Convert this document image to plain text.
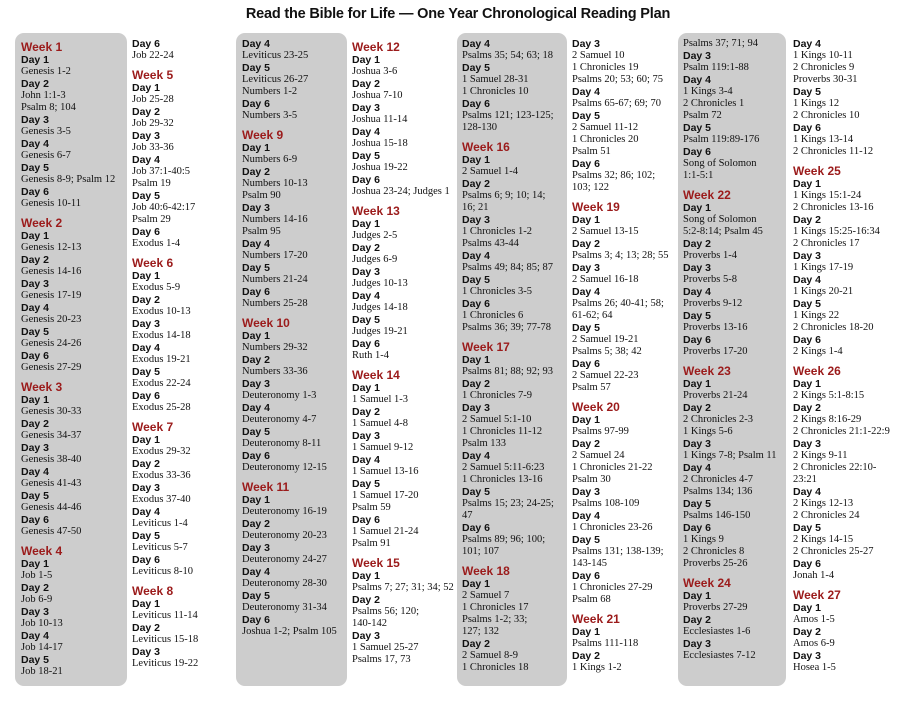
Read the Bible for Life — One Year Chronological Reading Plan
Week 1
Day 1
Genesis 1-2
Day 2
John 1:1-3
Psalm 8; 104
Day 3
Genesis 3-5
Day 4
Genesis 6-7
Day 5
Genesis 8-9; Psalm 12
Day 6
Genesis 10-11
Week 2
Day 1
Genesis 12-13
Day 2
Genesis 14-16
Day 3
Genesis 17-19
Day 4
Genesis 20-23
Day 5
Genesis 24-26
Day 6
Genesis 27-29
Week 3
Day 1
Genesis 30-33
Day 2
Genesis 34-37
Day 3
Genesis 38-40
Day 4
Genesis 41-43
Day 5
Genesis 44-46
Day 6
Genesis 47-50
Week 4
Day 1
Job 1-5
Day 2
Job 6-9
Day 3
Job 10-13
Day 4
Job 14-17
Day 5
Job 18-21
Day 6
Job 22-24
Week 5
Day 1
Job 25-28
Day 2
Job 29-32
Day 3
Job 33-36
Day 4
Job 37:1-40:5
Psalm 19
Day 5
Job 40:6-42:17
Psalm 29
Day 6
Exodus 1-4
Week 6
Day 1
Exodus 5-9
Day 2
Exodus 10-13
Day 3
Exodus 14-18
Day 4
Exodus 19-21
Day 5
Exodus 22-24
Day 6
Exodus 25-28
Week 7
Day 1
Exodus 29-32
Day 2
Exodus 33-36
Day 3
Exodus 37-40
Day 4
Leviticus 1-4
Day 5
Leviticus 5-7
Day 6
Leviticus 8-10
Week 8
Day 1
Leviticus 11-14
Day 2
Leviticus 15-18
Day 3
Leviticus 19-22
Day 4
Leviticus 23-25
Day 5
Leviticus 26-27
Numbers 1-2
Day 6
Numbers 3-5
Week 9
Day 1
Numbers 6-9
Day 2
Numbers 10-13
Psalm 90
Day 3
Numbers 14-16
Psalm 95
Day 4
Numbers 17-20
Day 5
Numbers 21-24
Day 6
Numbers 25-28
Week 10
Day 1
Numbers 29-32
Day 2
Numbers 33-36
Day 3
Deuteronomy 1-3
Day 4
Deuteronomy 4-7
Day 5
Deuteronomy 8-11
Day 6
Deuteronomy 12-15
Week 11
Day 1
Deuteronomy 16-19
Day 2
Deuteronomy 20-23
Day 3
Deuteronomy 24-27
Day 4
Deuteronomy 28-30
Day 5
Deuteronomy 31-34
Day 6
Joshua 1-2; Psalm 105
Week 12
Day 1
Joshua 3-6
Day 2
Joshua 7-10
Day 3
Joshua 11-14
Day 4
Joshua 15-18
Day 5
Joshua 19-22
Day 6
Joshua 23-24; Judges 1
Week 13
Day 1
Judges 2-5
Day 2
Judges 6-9
Day 3
Judges 10-13
Day 4
Judges 14-18
Day 5
Judges 19-21
Day 6
Ruth 1-4
Week 14
Day 1
1 Samuel 1-3
Day 2
1 Samuel 4-8
Day 3
1 Samuel 9-12
Day 4
1 Samuel 13-16
Day 5
1 Samuel 17-20
Psalm 59
Day 6
1 Samuel 21-24
Psalm 91
Week 15
Day 1
Psalms 7; 27; 31; 34; 52
Day 2
Psalms 56; 120;
140-142
Day 3
1 Samuel 25-27
Psalms 17, 73
Day 4
Psalms 35; 54; 63; 18
Day 5
1 Samuel 28-31
1 Chronicles 10
Day 6
Psalms 121; 123-125;
128-130
Week 16
Day 1
2 Samuel 1-4
Day 2
Psalms 6; 9; 10; 14;
16; 21
Day 3
1 Chronicles 1-2
Psalms 43-44
Day 4
Psalms 49; 84; 85; 87
Day 5
1 Chronicles 3-5
Day 6
1 Chronicles 6
Psalms 36; 39; 77-78
Week 17
Day 1
Psalms 81; 88; 92; 93
Day 2
1 Chronicles 7-9
Day 3
2 Samuel 5:1-10
1 Chronicles 11-12
Psalm 133
Day 4
2 Samuel 5:11-6:23
1 Chronicles 13-16
Day 5
Psalms 15; 23; 24-25;
47
Day 6
Psalms 89; 96; 100;
101; 107
Week 18
Day 1
2 Samuel 7
1 Chronicles 17
Psalms 1-2; 33;
127; 132
Day 2
2 Samuel 8-9
1 Chronicles 18
Day 3
2 Samuel 10
1 Chronicles 19
Psalms 20; 53; 60; 75
Day 4
Psalms 65-67; 69; 70
Day 5
2 Samuel 11-12
1 Chronicles 20
Psalm 51
Day 6
Psalms 32; 86; 102;
103; 122
Week 19
Day 1
2 Samuel 13-15
Day 2
Psalms 3; 4; 13; 28; 55
Day 3
2 Samuel 16-18
Day 4
Psalms 26; 40-41; 58;
61-62; 64
Day 5
2 Samuel 19-21
Psalms 5; 38; 42
Day 6
2 Samuel 22-23
Psalm 57
Week 20
Day 1
Psalms 97-99
Day 2
2 Samuel 24
1 Chronicles 21-22
Psalm 30
Day 3
Psalms 108-109
Day 4
1 Chronicles 23-26
Day 5
Psalms 131; 138-139;
143-145
Day 6
1 Chronicles 27-29
Psalm 68
Week 21
Day 1
Psalms 111-118
Day 2
1 Kings 1-2
Psalms 37; 71; 94
Day 3
Psalm 119:1-88
Day 4
1 Kings 3-4
2 Chronicles 1
Psalm 72
Day 5
Psalm 119:89-176
Day 6
Song of Solomon
1:1-5:1
Week 22
Day 1
Song of Solomon
5:2-8:14; Psalm 45
Day 2
Proverbs 1-4
Day 3
Proverbs 5-8
Day 4
Proverbs 9-12
Day 5
Proverbs 13-16
Day 6
Proverbs 17-20
Week 23
Day 1
Proverbs 21-24
Day 2
2 Chronicles 2-3
1 Kings 5-6
Day 3
1 Kings 7-8; Psalm 11
Day 4
2 Chronicles 4-7
Psalms 134; 136
Day 5
Psalms 146-150
Day 6
1 Kings 9
2 Chronicles 8
Proverbs 25-26
Week 24
Day 1
Proverbs 27-29
Day 2
Ecclesiastes 1-6
Day 3
Ecclesiastes 7-12
Day 4
1 Kings 10-11
2 Chronicles 9
Proverbs 30-31
Day 5
1 Kings 12
2 Chronicles 10
Day 6
1 Kings 13-14
2 Chronicles 11-12
Week 25
Day 1
1 Kings 15:1-24
2 Chronicles 13-16
Day 2
1 Kings 15:25-16:34
2 Chronicles 17
Day 3
1 Kings 17-19
Day 4
1 Kings 20-21
Day 5
1 Kings 22
2 Chronicles 18-20
Day 6
2 Kings 1-4
Week 26
Day 1
2 Kings 5:1-8:15
Day 2
2 Kings 8:16-29
2 Chronicles 21:1-22:9
Day 3
2 Kings 9-11
2 Chronicles 22:10-
23:21
Day 4
2 Kings 12-13
2 Chronicles 24
Day 5
2 Kings 14-15
2 Chronicles 25-27
Day 6
Jonah 1-4
Week 27
Day 1
Amos 1-5
Day 2
Amos 6-9
Day 3
Hosea 1-5
